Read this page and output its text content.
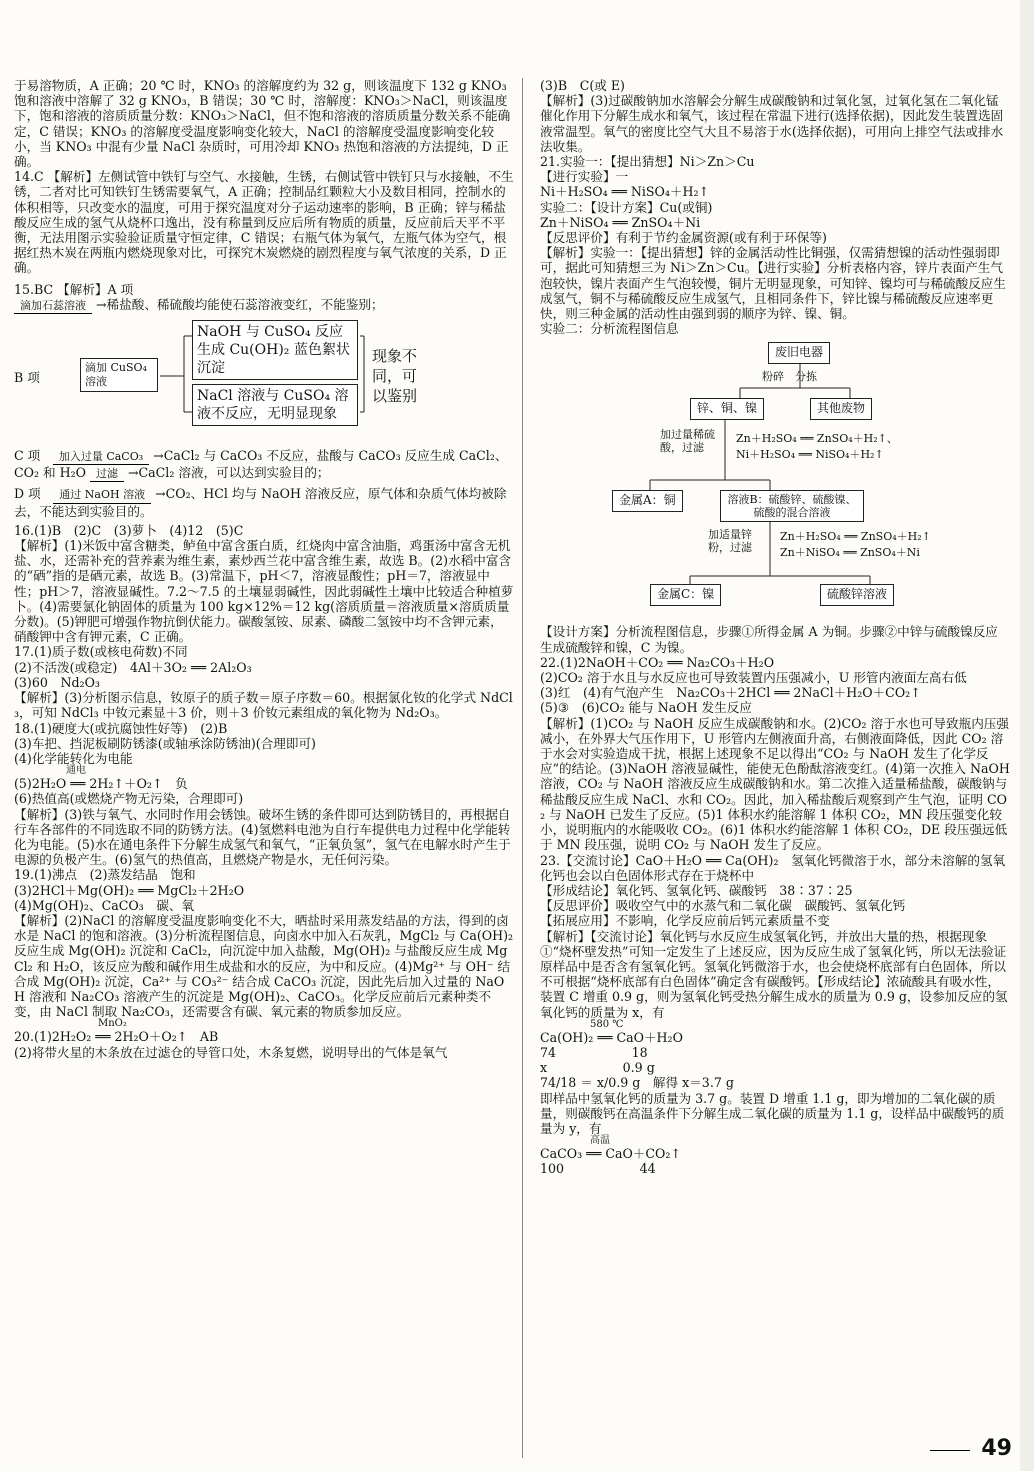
于易溶物质，A 正确；20 ℃ 时，KNO₃ 的溶解度约为 32 g，则该温度下 132 g KNO₃ 饱和溶液中溶解了 32 g KNO₃，B 错误；30 ℃ 时，溶解度：KNO₃＞NaCl，则该温度下，饱和溶液的溶质质量分数：KNO₃＞NaCl，但不饱和溶液的溶质质量分数关系不能确定，C 错误；KNO₃ 的溶解度受温度影响变化较大，NaCl 的溶解度受温度影响变化较小，当 KNO₃ 中混有少量 NaCl 杂质时，可用冷却 KNO₃ 热饱和溶液的方法提纯，D 正确。

14.C 【解析】左侧试管中铁钉与空气、水接触，生锈，右侧试管中铁钉只与水接触，不生锈，二者对比可知铁钉生锈需要氧气，A 正确；控制品红颗粒大小及数目相同，控制水的体积相等，只改变水的温度，可用于探究温度对分子运动速率的影响，B 正确；锌与稀盐酸反应生成的氢气从烧杯口逸出，没有称量到反应后所有物质的质量，反应前后天平不平衡，无法用图示实验验证质量守恒定律，C 错误；右瓶气体为氧气，左瓶气体为空气，根据红热木炭在两瓶内燃烧现象对比，可探究木炭燃烧的剧烈程度与氧气浓度的关系，D 正确。

15.BC 【解析】A 项

滴加石蕊溶液 →稀盐酸、稀硫酸均能使石蕊溶液变红，不能鉴别；

B 项
滴加 CuSO₄ 溶液
NaOH 与 CuSO₄ 反应生成 Cu(OH)₂ 蓝色絮状沉淀
NaCl 溶液与 CuSO₄ 溶液不反应，无明显现象
现象不同，可以鉴别

C 项　 加入过量 CaCO₃ →CaCl₂ 与 CaCO₃ 不反应，盐酸与 CaCO₃ 反应生成 CaCl₂、CO₂ 和 H₂O 过滤 →CaCl₂ 溶液，可以达到实验目的；

D 项　 通过 NaOH 溶液 →CO₂、HCl 均与 NaOH 溶液反应，原气体和杂质气体均被除去，不能达到实验目的。

16.(1)B　(2)C　(3)萝卜　(4)12　(5)C

【解析】(1)米饭中富含糖类，鲈鱼中富含蛋白质，红烧肉中富含油脂，鸡蛋汤中富含无机盐、水，还需补充的营养素为维生素，素炒西兰花中富含维生素，故选 B。(2)水稻中富含的“硒”指的是硒元素，故选 B。(3)常温下，pH＜7，溶液显酸性；pH＝7，溶液显中性；pH＞7，溶液显碱性。7.2～7.5 的土壤显弱碱性，因此弱碱性土壤中比较适合种植萝卜。(4)需要氯化钠固体的质量为 100 kg×12%＝12 kg(溶质质量＝溶液质量×溶质质量分数)。(5)钾肥可增强作物抗倒伏能力。碳酸氢铵、尿素、磷酸二氢铵中均不含钾元素，硝酸钾中含有钾元素，C 正确。

17.(1)质子数(或核电荷数)不同

(2)不活泼(或稳定)　4Al＋3O₂ ══ 2Al₂O₃

(3)60　Nd₂O₃

【解析】(3)分析图示信息，钕原子的质子数＝原子序数＝60。根据氯化钕的化学式 NdCl₃，可知 NdCl₃ 中钕元素显＋3 价，则＋3 价钕元素组成的氧化物为 Nd₂O₃。

18.(1)硬度大(或抗腐蚀性好等)　(2)B

(3)车把、挡泥板刷防锈漆(或轴承涂防锈油)(合理即可)

(4)化学能转化为电能

通电

(5)2H₂O ══ 2H₂↑＋O₂↑　负

(6)热值高(或燃烧产物无污染，合理即可)

【解析】(3)铁与氧气、水同时作用会锈蚀。破坏生锈的条件即可达到防锈目的，再根据自行车各部件的不同选取不同的防锈方法。(4)氢燃料电池为自行车提供电力过程中化学能转化为电能。(5)水在通电条件下分解生成氢气和氧气，“正氧负氢”，氢气在电解水时产生于电源的负极产生。(6)氢气的热值高，且燃烧产物是水，无任何污染。

19.(1)沸点　(2)蒸发结晶　饱和

(3)2HCl＋Mg(OH)₂ ══ MgCl₂＋2H₂O

(4)Mg(OH)₂、CaCO₃　碳、氧

【解析】(2)NaCl 的溶解度受温度影响变化不大，晒盐时采用蒸发结晶的方法，得到的卤水是 NaCl 的饱和溶液。(3)分析流程图信息，向卤水中加入石灰乳，MgCl₂ 与 Ca(OH)₂ 反应生成 Mg(OH)₂ 沉淀和 CaCl₂，向沉淀中加入盐酸，Mg(OH)₂ 与盐酸反应生成 MgCl₂ 和 H₂O，该反应为酸和碱作用生成盐和水的反应，为中和反应。(4)Mg²⁺ 与 OH⁻ 结合成 Mg(OH)₂ 沉淀，Ca²⁺ 与 CO₃²⁻ 结合成 CaCO₃ 沉淀，因此先后加入过量的 NaOH 溶液和 Na₂CO₃ 溶液产生的沉淀是 Mg(OH)₂、CaCO₃。化学反应前后元素种类不变，由 NaCl 制取 Na₂CO₃，还需要含有碳、氧元素的物质参加反应。

MnO₂

20.(1)2H₂O₂ ══ 2H₂O＋O₂↑　AB

(2)将带火星的木条放在过滤仓的导管口处，木条复燃，说明导出的气体是氧气

(3)B　C(或 E)

【解析】(3)过碳酸钠加水溶解会分解生成碳酸钠和过氧化氢，过氧化氢在二氧化锰催化作用下分解生成水和氧气，该过程在常温下进行(选择依据)，因此发生装置选固液常温型。氧气的密度比空气大且不易溶于水(选择依据)，可用向上排空气法或排水法收集。

21.实验一：【提出猜想】Ni＞Zn＞Cu

【进行实验】一

Ni＋H₂SO₄ ══ NiSO₄＋H₂↑

实验二：【设计方案】Cu(或铜)

Zn＋NiSO₄ ══ ZnSO₄＋Ni

【反思评价】有利于节约金属资源(或有利于环保等)

【解析】实验一：【提出猜想】锌的金属活动性比铜强，仅需猜想镍的活动性强弱即可，据此可知猜想三为 Ni＞Zn＞Cu。【进行实验】分析表格内容，锌片表面产生气泡较快，镍片表面产生气泡较慢，铜片无明显现象，可知锌、镍均可与稀硫酸反应生成氢气，铜不与稀硫酸反应生成氢气，且相同条件下，锌比镍与稀硫酸反应速率更快，则三种金属的活动性由强到弱的顺序为锌、镍、铜。

实验二：分析流程图信息

废旧电器
粉碎　分拣
锌、铜、镍	其他废物
加过量稀硫酸，过滤
Zn＋H₂SO₄ ══ ZnSO₄＋H₂↑、
Ni＋H₂SO₄ ══ NiSO₄＋H₂↑
金属A：铜	溶液B：硫酸锌、硫酸镍、硫酸的混合溶液
加适量锌粉，过滤
Zn＋H₂SO₄ ══ ZnSO₄＋H₂↑
Zn＋NiSO₄ ══ ZnSO₄＋Ni
金属C：镍	硫酸锌溶液

【设计方案】分析流程图信息，步骤①所得金属 A 为铜。步骤②中锌与硫酸镍反应生成硫酸锌和镍，C 为镍。

22.(1)2NaOH＋CO₂ ══ Na₂CO₃＋H₂O

(2)CO₂ 溶于水且与水反应也可导致装置内压强减小，U 形管内液面左高右低

(3)红　(4)有气泡产生　Na₂CO₃＋2HCl ══ 2NaCl＋H₂O＋CO₂↑

(5)③　(6)CO₂ 能与 NaOH 发生反应

【解析】(1)CO₂ 与 NaOH 反应生成碳酸钠和水。(2)CO₂ 溶于水也可导致瓶内压强减小，在外界大气压作用下，U 形管内左侧液面升高，右侧液面降低，因此 CO₂ 溶于水会对实验造成干扰，根据上述现象不足以得出“CO₂ 与 NaOH 发生了化学反应”的结论。(3)NaOH 溶液显碱性，能使无色酚酞溶液变红。(4)第一次推入 NaOH 溶液，CO₂ 与 NaOH 溶液反应生成碳酸钠和水。第二次推入适量稀盐酸，碳酸钠与稀盐酸反应生成 NaCl、水和 CO₂。因此，加入稀盐酸后观察到产生气泡，证明 CO₂ 与 NaOH 已发生了反应。(5)1 体积水约能溶解 1 体积 CO₂，MN 段压强变化较小，说明瓶内的水能吸收 CO₂。(6)1 体积水约能溶解 1 体积 CO₂，DE 段压强远低于 MN 段压强，说明 CO₂ 与 NaOH 发生了反应。

23.【交流讨论】CaO＋H₂O ══ Ca(OH)₂　氢氧化钙微溶于水，部分未溶解的氢氧化钙也会以白色固体形式存在于烧杯中

【形成结论】氧化钙、氢氧化钙、碳酸钙　38∶37∶25

【反思评价】吸收空气中的水蒸气和二氧化碳　碳酸钙、氢氧化钙

【拓展应用】不影响，化学反应前后钙元素质量不变

【解析】【交流讨论】氧化钙与水反应生成氢氧化钙，并放出大量的热，根据现象①“烧杯壁发热”可知一定发生了上述反应，因为反应生成了氢氧化钙，所以无法验证原样品中是否含有氢氧化钙。氢氧化钙微溶于水，也会使烧杯底部有白色固体，所以不可根据“烧杯底部有白色固体”确定含有碳酸钙。【形成结论】浓硫酸具有吸水性，装置 C 增重 0.9 g，则为氢氧化钙受热分解生成水的质量为 0.9 g，设参加反应的氢氧化钙的质量为 x，有

580 ℃

Ca(OH)₂ ══ CaO＋H₂O

74　　　　　　18

x　　　　　　0.9 g

74/18 ＝ x/0.9 g　解得 x＝3.7 g

即样品中氢氧化钙的质量为 3.7 g。装置 D 增重 1.1 g，即为增加的二氧化碳的质量，则碳酸钙在高温条件下分解生成二氧化碳的质量为 1.1 g，设样品中碳酸钙的质量为 y，有

高温

CaCO₃ ══ CaO＋CO₂↑

100　　　　　　44

49
